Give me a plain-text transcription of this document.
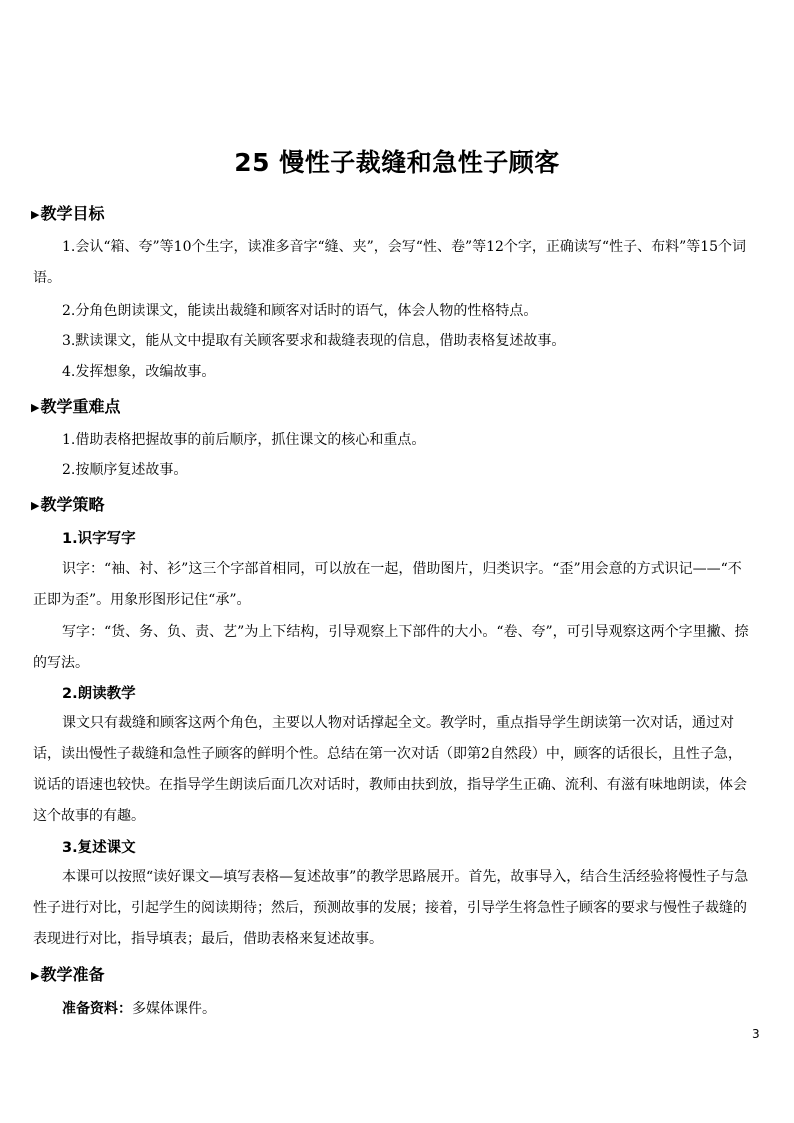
25 慢性子裁缝和急性子顾客
▶教学目标

1.会认“箱、夸”等10个生字，读准多音字“缝、夹”，会写“性、卷”等12个字，正确读写“性子、布料”等15个词语。

2.分角色朗读课文，能读出裁缝和顾客对话时的语气，体会人物的性格特点。

3.默读课文，能从文中提取有关顾客要求和裁缝表现的信息，借助表格复述故事。

4.发挥想象，改编故事。

▶教学重难点

1.借助表格把握故事的前后顺序，抓住课文的核心和重点。

2.按顺序复述故事。

▶教学策略
1.识字写字

识字：“袖、衬、衫”这三个字部首相同，可以放在一起，借助图片，归类识字。“歪”用会意的方式识记——“不正即为歪”。用象形图形记住“承”。

写字：“货、务、负、责、艺”为上下结构，引导观察上下部件的大小。“卷、夸”，可引导观察这两个字里撇、捺的写法。

2.朗读教学

课文只有裁缝和顾客这两个角色，主要以人物对话撑起全文。教学时，重点指导学生朗读第一次对话，通过对话，读出慢性子裁缝和急性子顾客的鲜明个性。总结在第一次对话（即第2自然段）中，顾客的话很长，且性子急，说话的语速也较快。在指导学生朗读后面几次对话时，教师由扶到放，指导学生正确、流利、有滋有味地朗读，体会这个故事的有趣。

3.复述课文

本课可以按照“读好课文—填写表格—复述故事”的教学思路展开。首先，故事导入，结合生活经验将慢性子与急性子进行对比，引起学生的阅读期待；然后，预测故事的发展；接着，引导学生将急性子顾客的要求与慢性子裁缝的表现进行对比，指导填表；最后，借助表格来复述故事。

▶教学准备

准备资料：多媒体课件。

3
